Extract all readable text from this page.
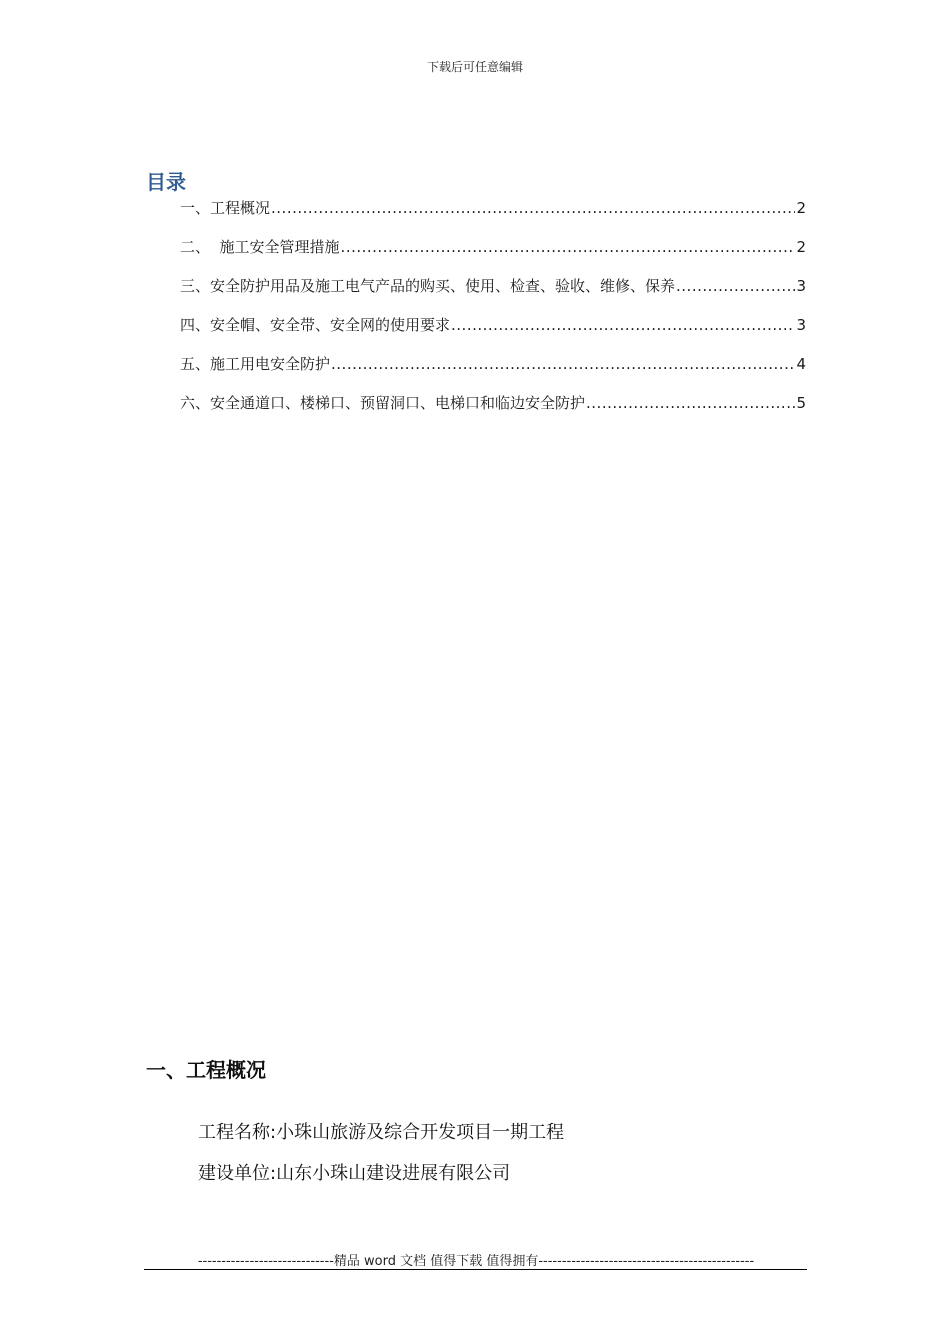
下载后可任意编辑
目录
一、工程概况 .....	2
二、  施工安全管理措施 .....	2
三、安全防护用品及施工电气产品的购买、使用、检查、验收、维修、保养 .....	3
四、安全帽、安全带、安全网的使用要求 .....	3
五、施工用电安全防护 .....	4
六、安全通道口、楼梯口、预留洞口、电梯口和临边安全防护 .....	5
一、工程概况
工程名称:小珠山旅游及综合开发项目一期工程
建设单位:山东小珠山建设进展有限公司
-----------------------------精品 word 文档 值得下载 值得拥有----------------------------------------------
